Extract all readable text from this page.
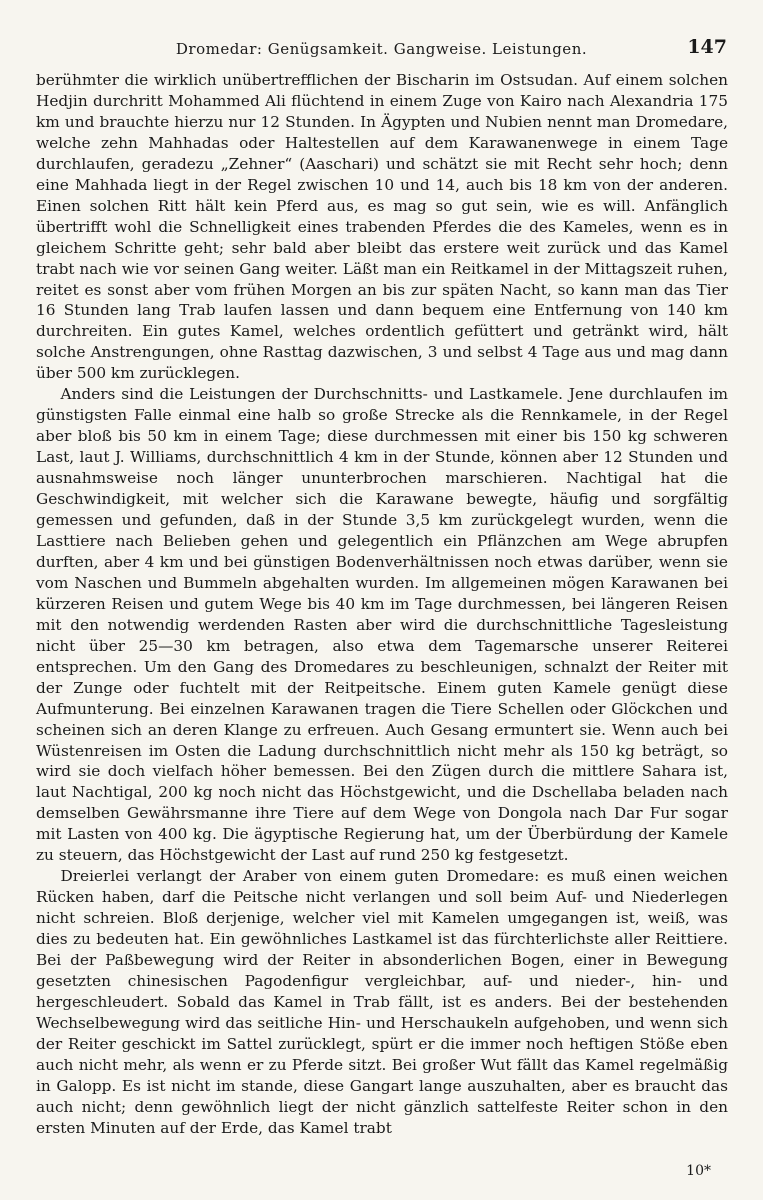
Dromedar: Genügsamkeit. Gangweise. Leistungen.	147

berühmter die wirklich unübertrefflichen der Bischarin im Ostsudan. Auf einem solchen Hedjin durchritt Mohammed Ali flüchtend in einem Zuge von Kairo nach Alexandria 175 km und brauchte hierzu nur 12 Stunden. In Ägypten und Nubien nennt man Dromedare, welche zehn Mahhadas oder Haltestellen auf dem Karawanenwege in einem Tage durchlaufen, geradezu „Zehner“ (Aaschari) und schätzt sie mit Recht sehr hoch; denn eine Mahhada liegt in der Regel zwischen 10 und 14, auch bis 18 km von der anderen. Einen solchen Ritt hält kein Pferd aus, es mag so gut sein, wie es will. Anfänglich übertrifft wohl die Schnelligkeit eines trabenden Pferdes die des Kameles, wenn es in gleichem Schritte geht; sehr bald aber bleibt das erstere weit zurück und das Kamel trabt nach wie vor seinen Gang weiter. Läßt man ein Reitkamel in der Mittagszeit ruhen, reitet es sonst aber vom frühen Morgen an bis zur späten Nacht, so kann man das Tier 16 Stunden lang Trab laufen lassen und dann bequem eine Entfernung von 140 km durchreiten. Ein gutes Kamel, welches ordentlich gefüttert und getränkt wird, hält solche Anstrengungen, ohne Rasttag dazwischen, 3 und selbst 4 Tage aus und mag dann über 500 km zurücklegen.

Anders sind die Leistungen der Durchschnitts- und Lastkamele. Jene durchlaufen im günstigsten Falle einmal eine halb so große Strecke als die Rennkamele, in der Regel aber bloß bis 50 km in einem Tage; diese durchmessen mit einer bis 150 kg schweren Last, laut J. Williams, durchschnittlich 4 km in der Stunde, können aber 12 Stunden und ausnahmsweise noch länger ununterbrochen marschieren. Nachtigal hat die Geschwindigkeit, mit welcher sich die Karawane bewegte, häufig und sorgfältig gemessen und gefunden, daß in der Stunde 3,5 km zurückgelegt wurden, wenn die Lasttiere nach Belieben gehen und gelegentlich ein Pflänzchen am Wege abrupfen durften, aber 4 km und bei günstigen Bodenverhältnissen noch etwas darüber, wenn sie vom Naschen und Bummeln abgehalten wurden. Im allgemeinen mögen Karawanen bei kürzeren Reisen und gutem Wege bis 40 km im Tage durchmessen, bei längeren Reisen mit den notwendig werdenden Rasten aber wird die durchschnittliche Tagesleistung nicht über 25—30 km betragen, also etwa dem Tagemarsche unserer Reiterei entsprechen. Um den Gang des Dromedares zu beschleunigen, schnalzt der Reiter mit der Zunge oder fuchtelt mit der Reitpeitsche. Einem guten Kamele genügt diese Aufmunterung. Bei einzelnen Karawanen tragen die Tiere Schellen oder Glöckchen und scheinen sich an deren Klange zu erfreuen. Auch Gesang ermuntert sie. Wenn auch bei Wüstenreisen im Osten die Ladung durchschnittlich nicht mehr als 150 kg beträgt, so wird sie doch vielfach höher bemessen. Bei den Zügen durch die mittlere Sahara ist, laut Nachtigal, 200 kg noch nicht das Höchstgewicht, und die Dschellaba beladen nach demselben Gewährsmanne ihre Tiere auf dem Wege von Dongola nach Dar Fur sogar mit Lasten von 400 kg. Die ägyptische Regierung hat, um der Überbürdung der Kamele zu steuern, das Höchstgewicht der Last auf rund 250 kg festgesetzt.

Dreierlei verlangt der Araber von einem guten Dromedare: es muß einen weichen Rücken haben, darf die Peitsche nicht verlangen und soll beim Auf- und Niederlegen nicht schreien. Bloß derjenige, welcher viel mit Kamelen umgegangen ist, weiß, was dies zu bedeuten hat. Ein gewöhnliches Lastkamel ist das fürchterlichste aller Reittiere. Bei der Paßbewegung wird der Reiter in absonderlichen Bogen, einer in Bewegung gesetzten chinesischen Pagodenfigur vergleichbar, auf- und nieder-, hin- und hergeschleudert. Sobald das Kamel in Trab fällt, ist es anders. Bei der bestehenden Wechselbewegung wird das seitliche Hin- und Herschaukeln aufgehoben, und wenn sich der Reiter geschickt im Sattel zurücklegt, spürt er die immer noch heftigen Stöße eben auch nicht mehr, als wenn er zu Pferde sitzt. Bei großer Wut fällt das Kamel regelmäßig in Galopp. Es ist nicht im stande, diese Gangart lange auszuhalten, aber es braucht das auch nicht; denn gewöhnlich liegt der nicht gänzlich sattelfeste Reiter schon in den ersten Minuten auf der Erde, das Kamel trabt

10*
